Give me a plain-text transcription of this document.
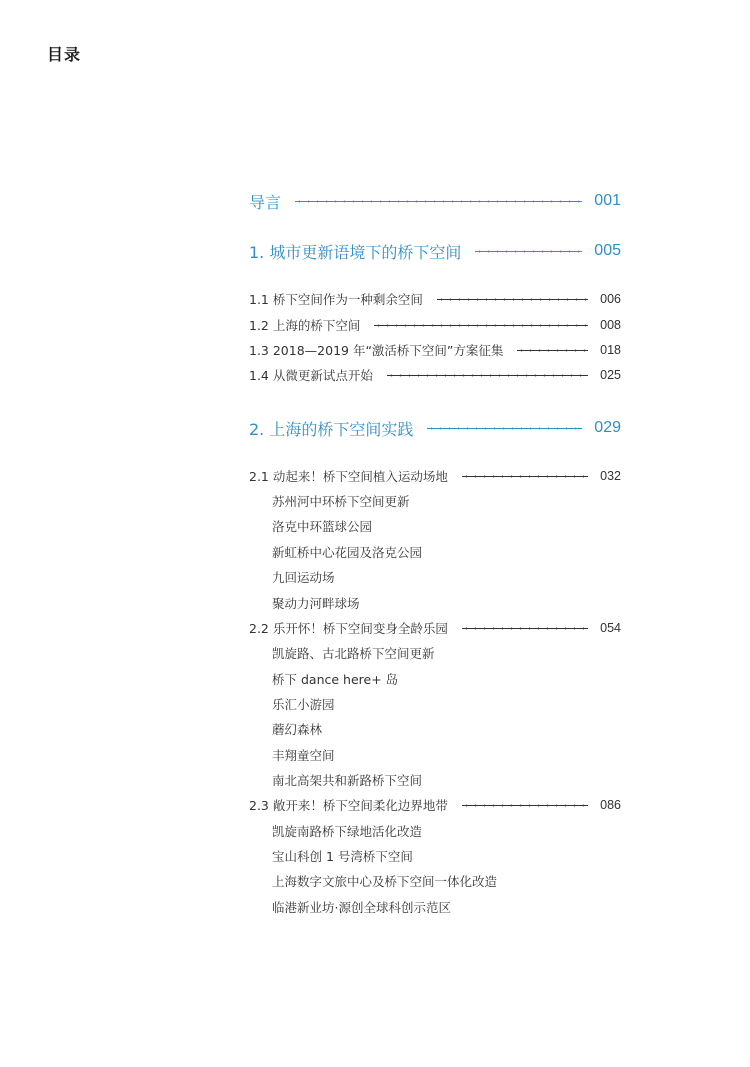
目录
导言	001
1. 城市更新语境下的桥下空间	005
1.1 桥下空间作为一种剩余空间	006
1.2 上海的桥下空间	008
1.3 2018—2019 年“激活桥下空间”方案征集	018
1.4 从微更新试点开始	025
2. 上海的桥下空间实践	029
2.1 动起来！桥下空间植入运动场地	032
苏州河中环桥下空间更新
洛克中环篮球公园
新虹桥中心花园及洛克公园
九回运动场
聚动力河畔球场
2.2 乐开怀！桥下空间变身全龄乐园	054
凯旋路、古北路桥下空间更新
桥下 dance here+ 岛
乐汇小游园
蘑幻森林
丰翔童空间
南北高架共和新路桥下空间
2.3 敞开来！桥下空间柔化边界地带	086
凯旋南路桥下绿地活化改造
宝山科创 1 号湾桥下空间
上海数字文旅中心及桥下空间一体化改造
临港新业坊·源创全球科创示范区
